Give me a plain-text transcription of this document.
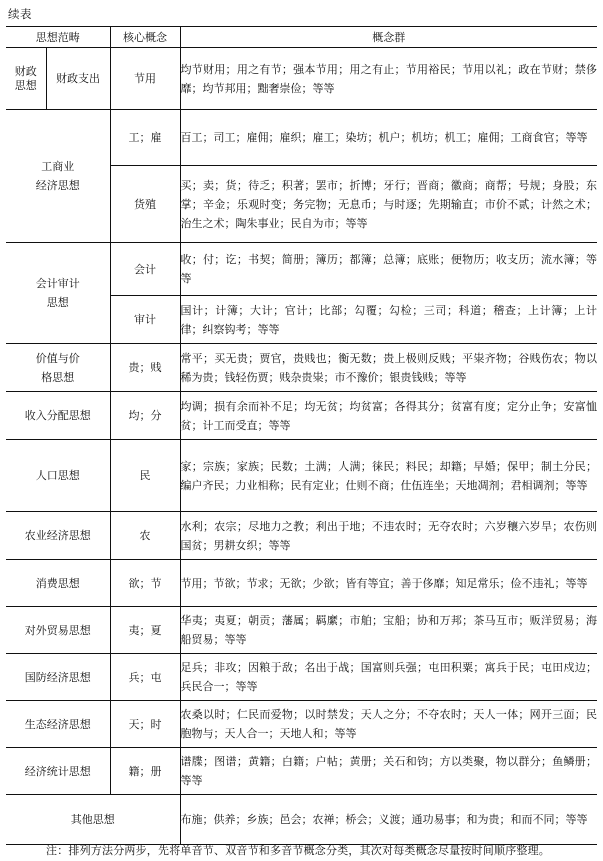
续表
思想范畴		核心概念	概念群

财政
思想	财政支出	节用	均节财用；用之有节；强本节用；用之有止；节用裕民；节用以礼；政在节财；禁侈靡；均节邦用；黜奢崇俭；等等

工商业
经济思想		工；雇	百工；司工；雇佣；雇织；雇工；染坊；机户；机坊；机工；雇佣；工商食官；等等
		货殖	买；卖；货；待乏；积著；罢市；折博；牙行；晋商；徽商；商帮；号规；身股；东掌；辛金；乐观时变；务完物；无息币；与时逐；先期输直；市价不贰；计然之术；治生之术；陶朱事业；民自为市；等等

会计审计
思想		会计	收；付；讫；书契；简册；簿历；都簿；总簿；底账；便物历；收支历；流水簿；等等
		审计	国计；计簿；大计；官计；比部；勾覆；勾检；三司；科道；稽查；上计簿；上计律；纠察钩考；等等

价值与价
格思想		贵；贱	常平；买无贵；贾官，贵贱也；衡无数；贵上极则反贱；平粜齐物；谷贱伤农；物以稀为贵；钱轻伤贾；贱杂贵粜；市不豫价；银贵钱贱；等等
收入分配思想		均；分	均调；损有余而补不足；均无贫；均贫富；各得其分；贫富有度；定分止争；安富恤贫；计工而受直；等等
人口思想		民	家；宗族；家族；民数；土满；人满；徕民；料民；却籍；早婚；保甲；制土分民；编户齐民；力业相称；民有定业；仕则不商；仕伍连坐；天地凋剂；君相调剂；等等
农业经济思想		农	水利；农宗；尽地力之教；利出于地；不违农时；无夺农时；六岁穰六岁旱；农伤则国贫；男耕女织；等等
消费思想		欲；节	节用；节欲；节求；无欲；少欲；皆有等宜；善于侈靡；知足常乐；俭不违礼；等等
对外贸易思想		夷；夏	华夷；夷夏；朝贡；藩属；羁縻；市舶；宝船；协和万邦；茶马互市；贩洋贸易；海船贸易；等等
国防经济思想		兵；屯	足兵；非攻；因粮于敌；名出于战；国富则兵强；屯田积粟；寓兵于民；屯田戍边；兵民合一；等等
生态经济思想		天；时	农桑以时；仁民而爱物；以时禁发；天人之分；不夺农时；天人一体；网开三面；民胞物与；天人合一；天地人和；等等
经济统计思想		籍；册	谱牒；图谱；黄籍；白籍；户帖；黄册；关石和钧；方以类聚，物以群分；鱼鳞册；等等
其他思想			布施；供养；乡族；邑会；农禅；桥会；义渡；通功易事；和为贵；和而不同；等等
注：排列方法分两步，先将单音节、双音节和多音节概念分类，其次对每类概念尽量按时间顺序整理。
